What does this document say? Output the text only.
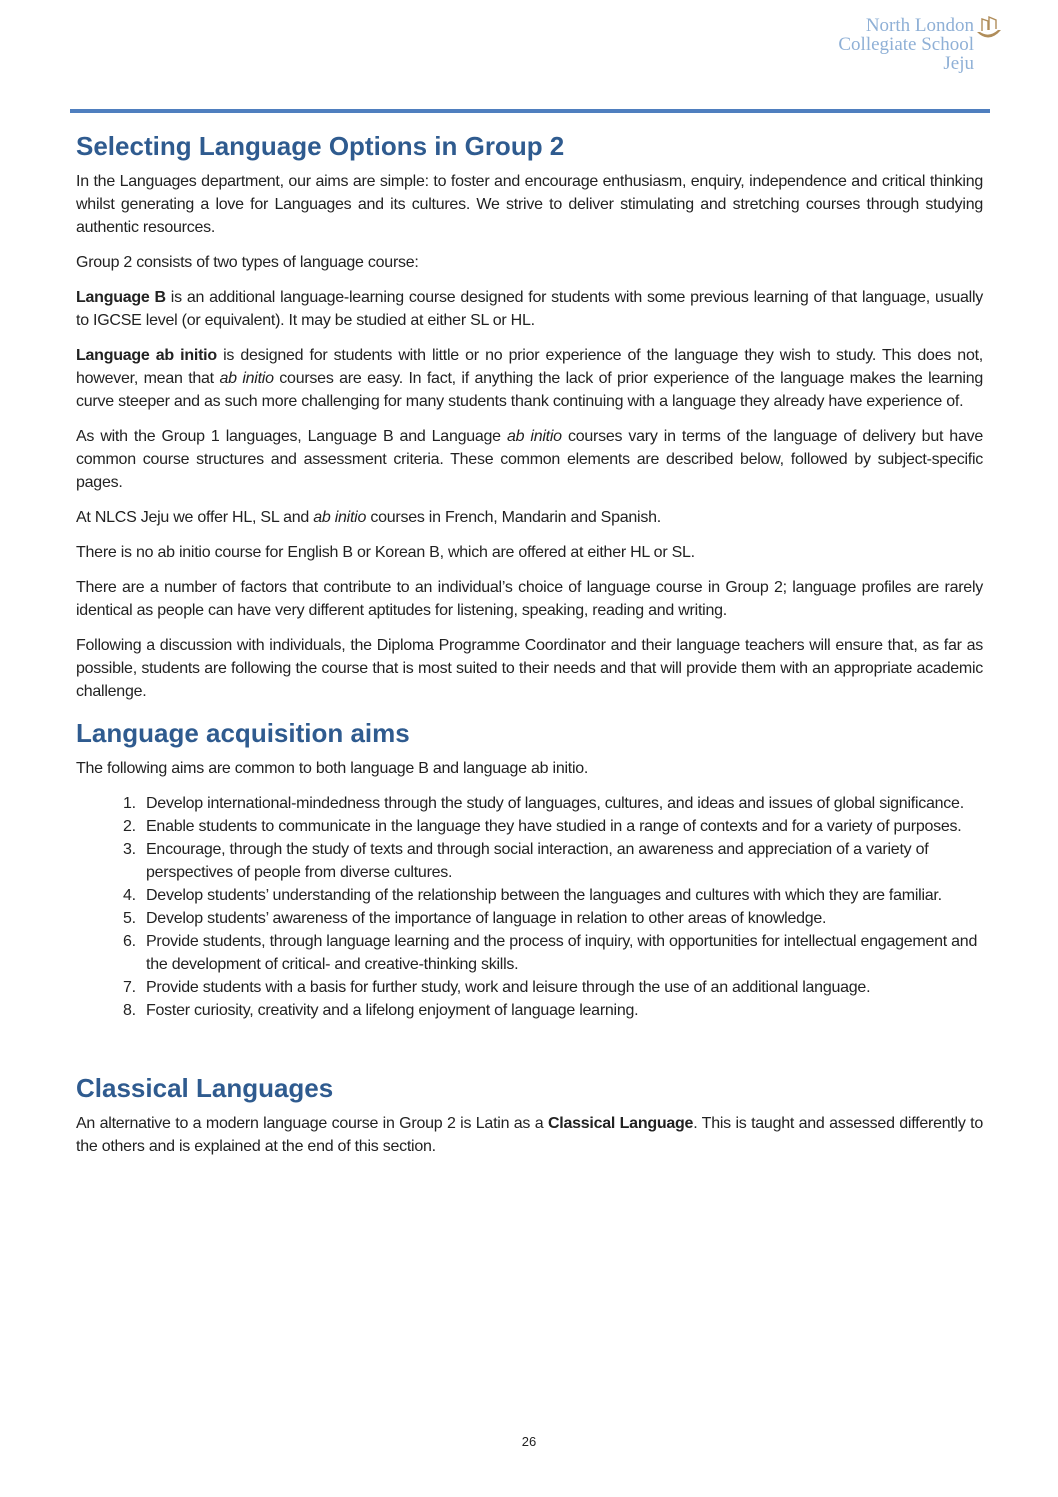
North London
Collegiate School
Jeju
Selecting Language Options in Group 2

In the Languages department, our aims are simple: to foster and encourage enthusiasm, enquiry, independence and critical thinking whilst generating a love for Languages and its cultures. We strive to deliver stimulating and stretching courses through studying authentic resources.

Group 2 consists of two types of language course:

Language B is an additional language-learning course designed for students with some previous learning of that language, usually to IGCSE level (or equivalent). It may be studied at either SL or HL.

Language ab initio is designed for students with little or no prior experience of the language they wish to study. This does not, however, mean that ab initio courses are easy. In fact, if anything the lack of prior experience of the language makes the learning curve steeper and as such more challenging for many students thank continuing with a language they already have experience of.

As with the Group 1 languages, Language B and Language ab initio courses vary in terms of the language of delivery but have common course structures and assessment criteria. These common elements are described below, followed by subject-specific pages.

At NLCS Jeju we offer HL, SL and ab initio courses in French, Mandarin and Spanish.

There is no ab initio course for English B or Korean B, which are offered at either HL or SL.

There are a number of factors that contribute to an individual’s choice of language course in Group 2; language profiles are rarely identical as people can have very different aptitudes for listening, speaking, reading and writing.

Following a discussion with individuals, the Diploma Programme Coordinator and their language teachers will ensure that, as far as possible, students are following the course that is most suited to their needs and that will provide them with an appropriate academic challenge.

Language acquisition aims

The following aims are common to both language B and language ab initio.

1. Develop international-mindedness through the study of languages, cultures, and ideas and issues of global significance.
2. Enable students to communicate in the language they have studied in a range of contexts and for a variety of purposes.
3. Encourage, through the study of texts and through social interaction, an awareness and appreciation of a variety of perspectives of people from diverse cultures.
4. Develop students’ understanding of the relationship between the languages and cultures with which they are familiar.
5. Develop students’ awareness of the importance of language in relation to other areas of knowledge.
6. Provide students, through language learning and the process of inquiry, with opportunities for intellectual engagement and the development of critical- and creative-thinking skills.
7. Provide students with a basis for further study, work and leisure through the use of an additional language.
8. Foster curiosity, creativity and a lifelong enjoyment of language learning.
Classical Languages

An alternative to a modern language course in Group 2 is Latin as a Classical Language. This is taught and assessed differently to the others and is explained at the end of this section.

26
